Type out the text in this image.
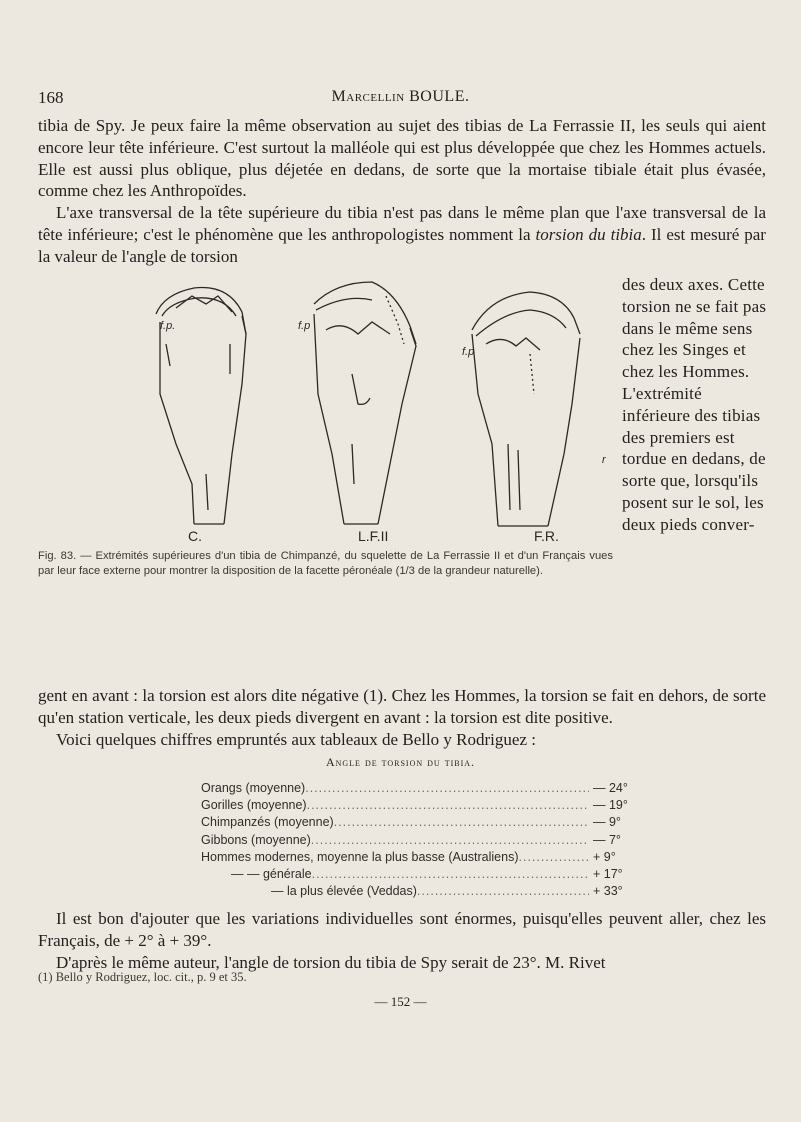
168	Marcellin BOULE.

tibia de Spy. Je peux faire la même observation au sujet des tibias de La Ferrassie II, les seuls qui aient encore leur tête inférieure. C'est surtout la malléole qui est plus développée que chez les Hommes actuels. Elle est aussi plus oblique, plus déjetée en dedans, de sorte que la mortaise tibiale était plus évasée, comme chez les Anthropoïdes.
L'axe transversal de la tête supérieure du tibia n'est pas dans le même plan que l'axe transversal de la tête inférieure; c'est le phénomène que les anthropologistes nomment la torsion du tibia. Il est mesuré par la valeur de l'angle de torsion

C.	L.F.II	F.R.
f.p.	f.p
f.p
r

des deux axes. Cette torsion ne se fait pas dans le même sens chez les Singes et chez les Hommes. L'extrémité inférieure des tibias des premiers est tordue en dedans, de sorte que, lorsqu'ils posent sur le sol, les deux pieds conver-

Fig. 83. — Extrémités supérieures d'un tibia de Chimpanzé, du squelette de La Ferrassie II et d'un Français vues par leur face externe pour montrer la disposition de la facette péronéale (1/3 de la grandeur naturelle).

gent en avant : la torsion est alors dite négative (1). Chez les Hommes, la torsion se fait en dehors, de sorte qu'en station verticale, les deux pieds divergent en avant : la torsion est dite positive.
Voici quelques chiffres empruntés aux tableaux de Bello y Rodriguez :

Angle de torsion du tibia.
Orangs (moyenne) .....	— 24°
Gorilles (moyenne) .....	— 19°
Chimpanzés (moyenne) .....	— 9°
Gibbons (moyenne) .....	— 7°
Hommes modernes, moyenne la plus basse (Australiens) .....	+ 9°
— — générale .....	+ 17°
— la plus élevée (Veddas) .....	+ 33°

Il est bon d'ajouter que les variations individuelles sont énormes, puisqu'elles peuvent aller, chez les Français, de + 2° à + 39°.
D'après le même auteur, l'angle de torsion du tibia de Spy serait de 23°. M. Rivet

(1) Bello y Rodriguez, loc. cit., p. 9 et 35.
— 152 —
